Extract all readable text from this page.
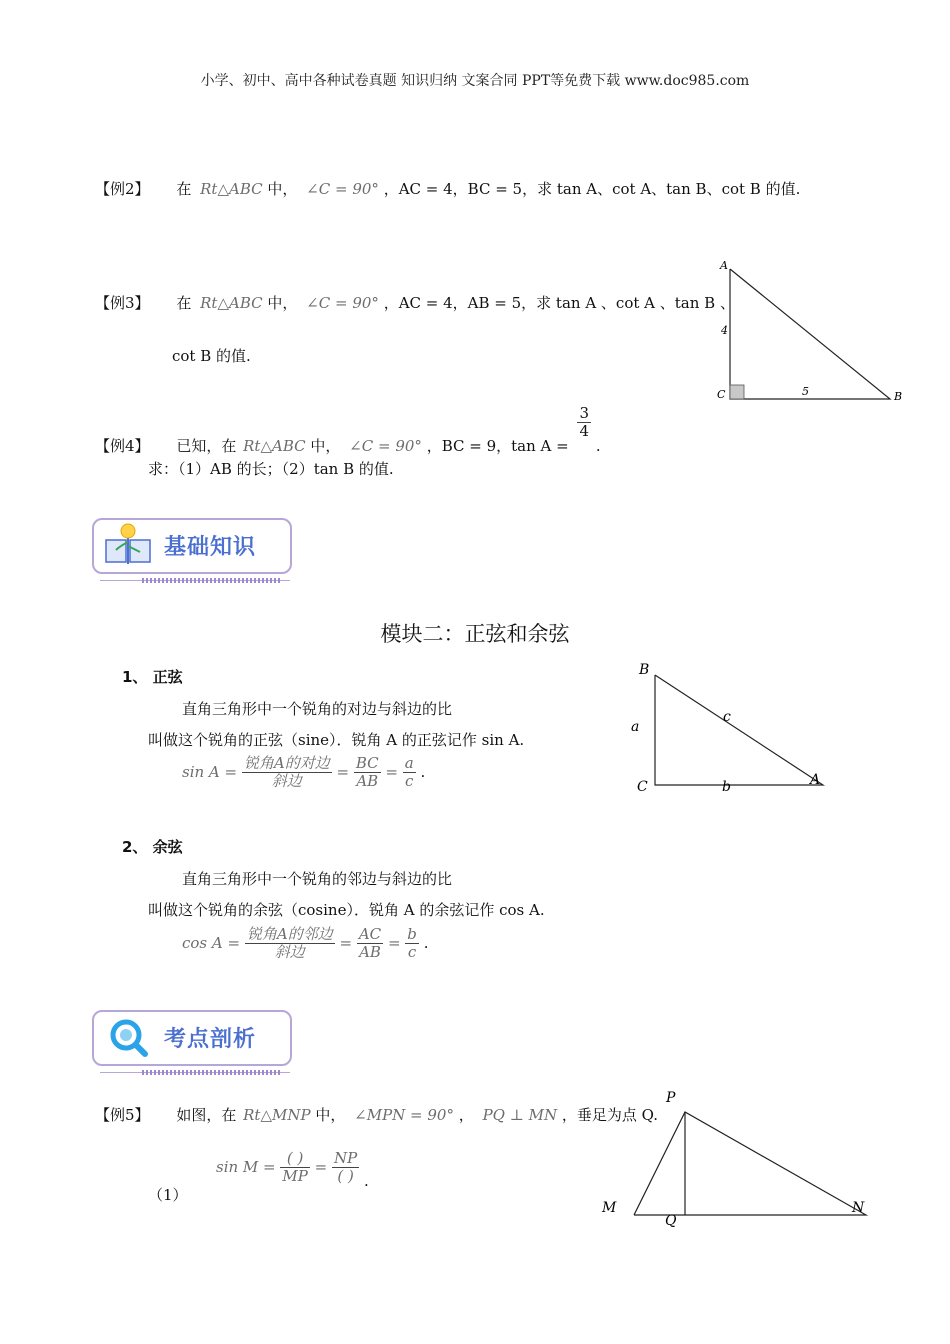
小学、初中、高中各种试卷真题 知识归纳 文案合同 PPT等免费下载 www.doc985.com
【例2】 在 Rt△ABC 中， ∠C = 90° ，AC = 4，BC = 5，求 tan A、cot A、tan B、cot B 的值.
【例3】 在 Rt△ABC 中， ∠C = 90° ，AC = 4，AB = 5，求 tan A 、cot A 、tan B 、
cot B 的值.
A
C	B
4
5
【例4】 已知，在 Rt△ABC 中， ∠C = 90° ，BC = 9，tan A =
$\frac{3}{4}$
.
求：（1）AB 的长；（2）tan B 的值.
基础知识
模块二：正弦和余弦
1、 正弦
直角三角形中一个锐角的对边与斜边的比
叫做这个锐角的正弦（sine）．锐角 A 的正弦记作 sin A.
$\sin A = \frac{\text{锐角A的对边}}{\text{斜边}} = \frac{BC}{AB} = \frac{a}{c}$ .
B
C	A
a
b
c
2、 余弦
直角三角形中一个锐角的邻边与斜边的比
叫做这个锐角的余弦（cosine）．锐角 A 的余弦记作 cos A.
$\cos A = \frac{\text{锐角A的邻边}}{\text{斜边}} = \frac{AC}{AB} = \frac{b}{c}$ .
考点剖析
【例5】 如图，在 Rt△MNP 中， ∠MPN = 90° ， PQ ⊥ MN ，垂足为点 Q.
（1）
$\sin M = \frac{( )}{MP} = \frac{NP}{( )}$ .
P
M	N
Q
